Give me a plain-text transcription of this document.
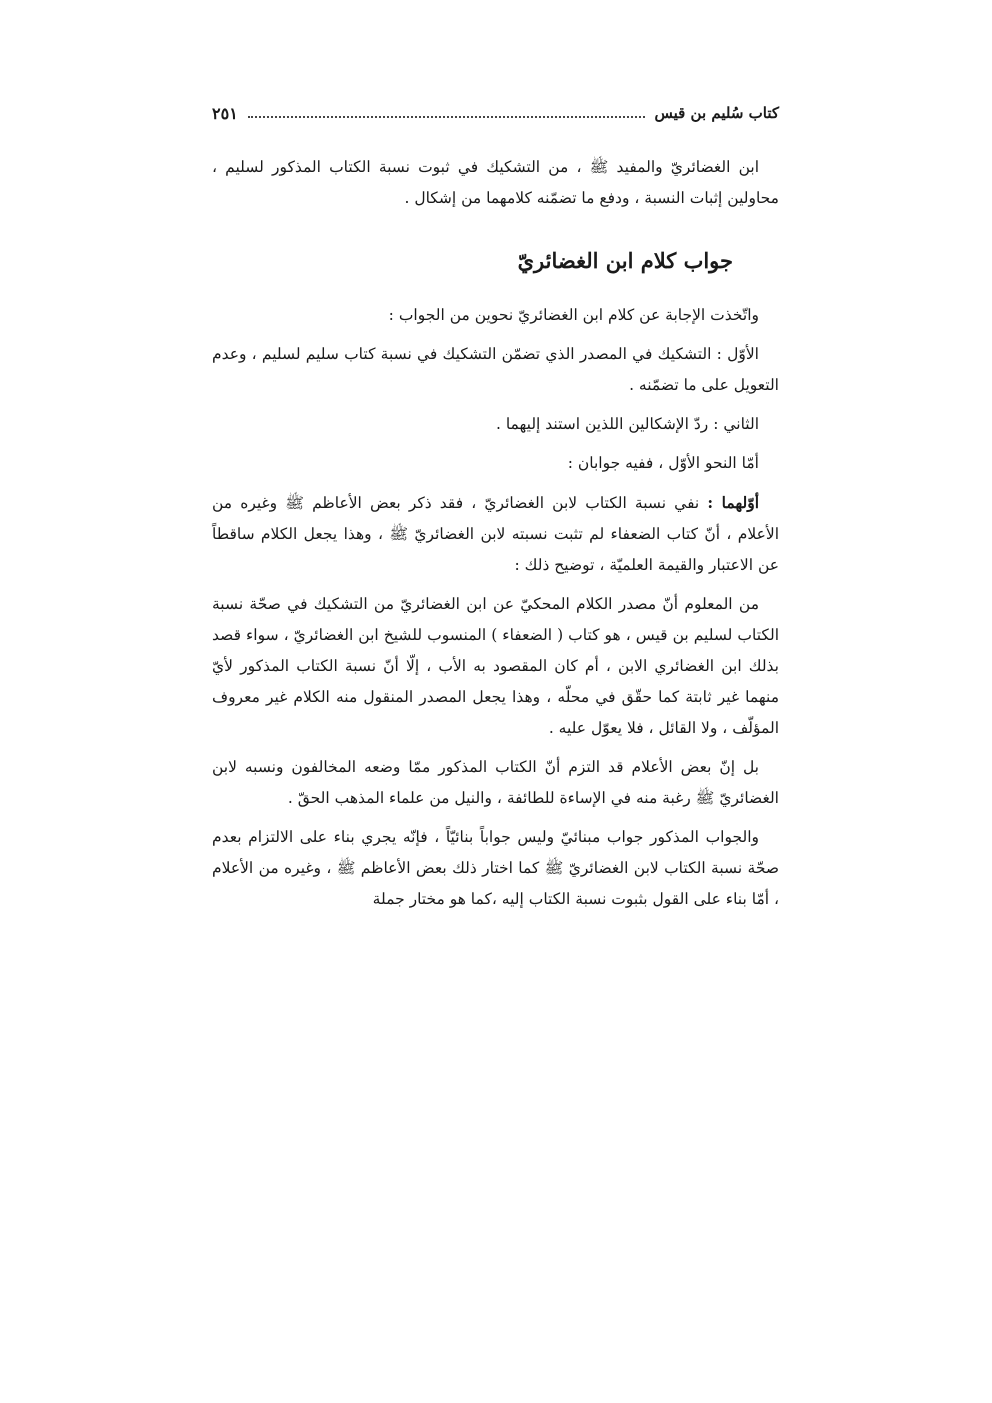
كتاب سُليم بن قيس
٢٥١

ابن الغضائريّ والمفيد ﷺ ، من التشكيك في ثبوت نسبة الكتاب المذكور لسليم ، محاولين إثبات النسبة ، ودفع ما تضمّنه كلامهما من إشكال .

جواب كلام ابن الغضائريّ

واتّخذت الإجابة عن كلام ابن الغضائريّ نحوين من الجواب :

الأوّل : التشكيك في المصدر الذي تضمّن التشكيك في نسبة كتاب سليم لسليم ، وعدم التعويل على ما تضمّنه .

الثاني : ردّ الإشكالين اللذين استند إليهما .

أمّا النحو الأوّل ، ففيه جوابان :

أوّلهما : نفي نسبة الكتاب لابن الغضائريّ ، فقد ذكر بعض الأعاظم ﷺ وغيره من الأعلام ، أنّ كتاب الضعفاء لم تثبت نسبته لابن الغضائريّ ﷺ ، وهذا يجعل الكلام ساقطاً عن الاعتبار والقيمة العلميّة ، توضيح ذلك :

من المعلوم أنّ مصدر الكلام المحكيّ عن ابن الغضائريّ من التشكيك في صحّة نسبة الكتاب لسليم بن قيس ، هو كتاب ( الضعفاء ) المنسوب للشيخ ابن الغضائريّ ، سواء قصد بذلك ابن الغضائري الابن ، أم كان المقصود به الأب ، إلّا أنّ نسبة الكتاب المذكور لأيّ منهما غير ثابتة كما حقّق في محلّه ، وهذا يجعل المصدر المنقول منه الكلام غير معروف المؤلّف ، ولا القائل ، فلا يعوّل عليه .

بل إنّ بعض الأعلام قد التزم أنّ الكتاب المذكور ممّا وضعه المخالفون ونسبه لابن الغضائريّ ﷺ رغبة منه في الإساءة للطائفة ، والنيل من علماء المذهب الحقّ .

والجواب المذكور جواب مبنائيّ وليس جواباً بنائيّاً ، فإنّه يجري بناء على الالتزام بعدم صحّة نسبة الكتاب لابن الغضائريّ ﷺ كما اختار ذلك بعض الأعاظم ﷺ ، وغيره من الأعلام ، أمّا بناء على القول بثبوت نسبة الكتاب إليه ،كما هو مختار جملة
